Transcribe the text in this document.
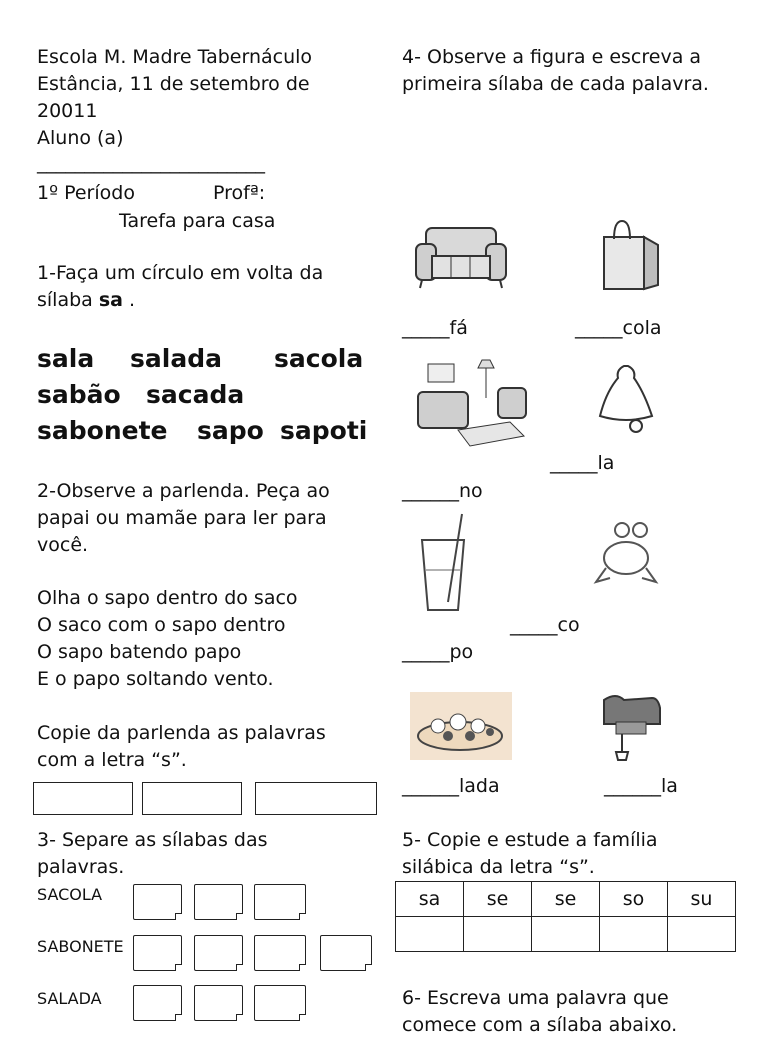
Escola M. Madre Tabernáculo

Estância, 11 de setembro de

20011

Aluno (a)

________________________

1º Período	Profª:

Tarefa para casa

1-Faça um círculo em volta da

sílaba sa .

sala salada sacola

sabão sacada

sabonete sapo sapoti

2-Observe a parlenda. Peça ao

papai ou mamãe para ler para

você.

Olha o sapo dentro do saco

O saco com o sapo dentro

O sapo batendo papo

E o papo soltando vento.

Copie da parlenda as palavras

com a letra “s”.

3- Separe as sílabas das

palavras.

SACOLA

SABONETE

SALADA

4- Observe a figura e escreva a

primeira sílaba de cada palavra.

_____fá	_____cola

_____la

______no

_____co

_____po

______lada	______la

5- Copie e estude a família

silábica da letra “s”.

sa	se	se	so	su

6- Escreva uma palavra que

comece com a sílaba abaixo.
